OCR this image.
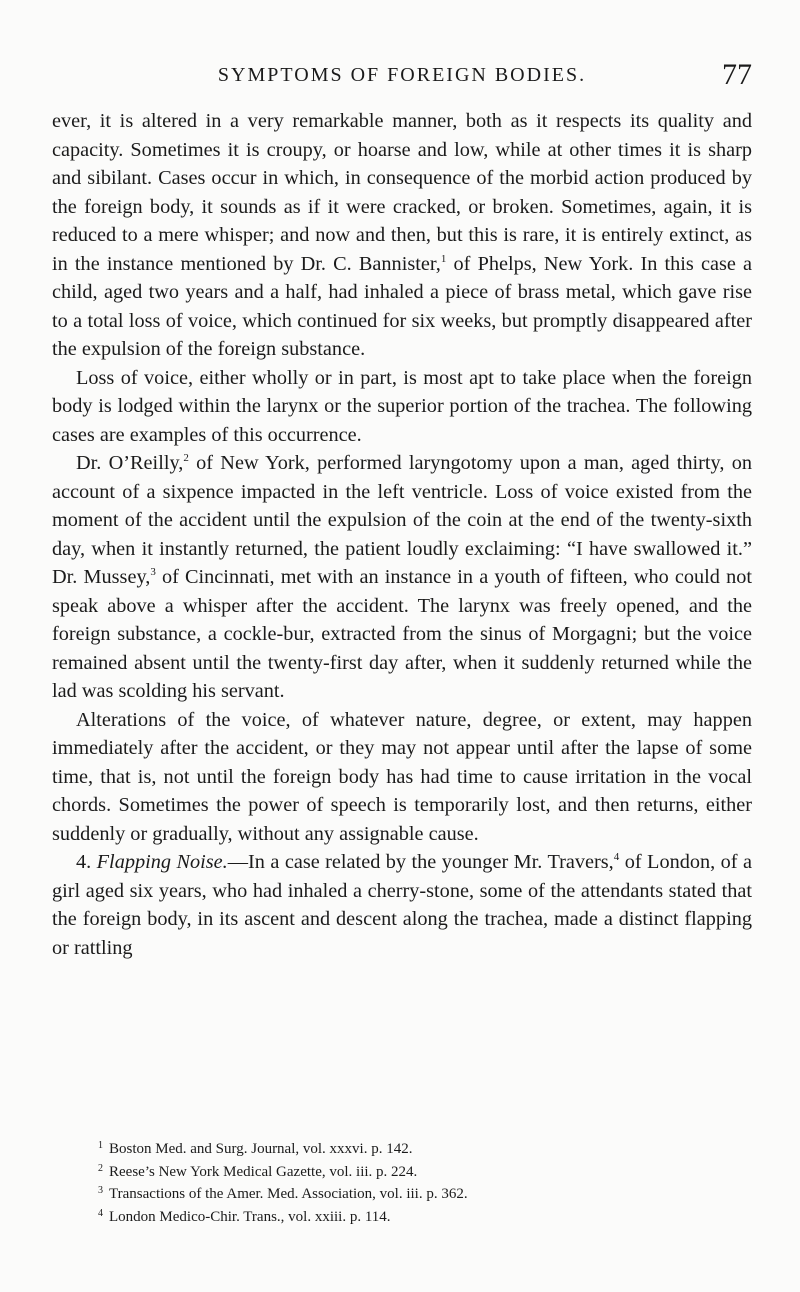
SYMPTOMS OF FOREIGN BODIES.	77

ever, it is altered in a very remarkable manner, both as it respects its quality and capacity. Sometimes it is croupy, or hoarse and low, while at other times it is sharp and sibilant. Cases occur in which, in consequence of the morbid action produced by the foreign body, it sounds as if it were cracked, or broken. Sometimes, again, it is reduced to a mere whisper; and now and then, but this is rare, it is entirely extinct, as in the instance mentioned by Dr. C. Bannister,$^1$ of Phelps, New York. In this case a child, aged two years and a half, had inhaled a piece of brass metal, which gave rise to a total loss of voice, which continued for six weeks, but promptly disappeared after the expulsion of the foreign substance.

Loss of voice, either wholly or in part, is most apt to take place when the foreign body is lodged within the larynx or the superior portion of the trachea. The following cases are examples of this occurrence.

Dr. O’Reilly,$^2$ of New York, performed laryngotomy upon a man, aged thirty, on account of a sixpence impacted in the left ventricle. Loss of voice existed from the moment of the accident until the expulsion of the coin at the end of the twenty-sixth day, when it instantly returned, the patient loudly exclaiming: “I have swallowed it.” Dr. Mussey,$^3$ of Cincinnati, met with an instance in a youth of fifteen, who could not speak above a whisper after the accident. The larynx was freely opened, and the foreign substance, a cockle-bur, extracted from the sinus of Morgagni; but the voice remained absent until the twenty-first day after, when it suddenly returned while the lad was scolding his servant.

Alterations of the voice, of whatever nature, degree, or extent, may happen immediately after the accident, or they may not appear until after the lapse of some time, that is, not until the foreign body has had time to cause irritation in the vocal chords. Sometimes the power of speech is temporarily lost, and then returns, either suddenly or gradually, without any assignable cause.

4. Flapping Noise.—In a case related by the younger Mr. Travers,$^4$ of London, of a girl aged six years, who had inhaled a cherry-stone, some of the attendants stated that the foreign body, in its ascent and descent along the trachea, made a distinct flapping or rattling

$^1$ Boston Med. and Surg. Journal, vol. xxxvi. p. 142.
$^2$ Reese’s New York Medical Gazette, vol. iii. p. 224.
$^3$ Transactions of the Amer. Med. Association, vol. iii. p. 362.
$^4$ London Medico-Chir. Trans., vol. xxiii. p. 114.
